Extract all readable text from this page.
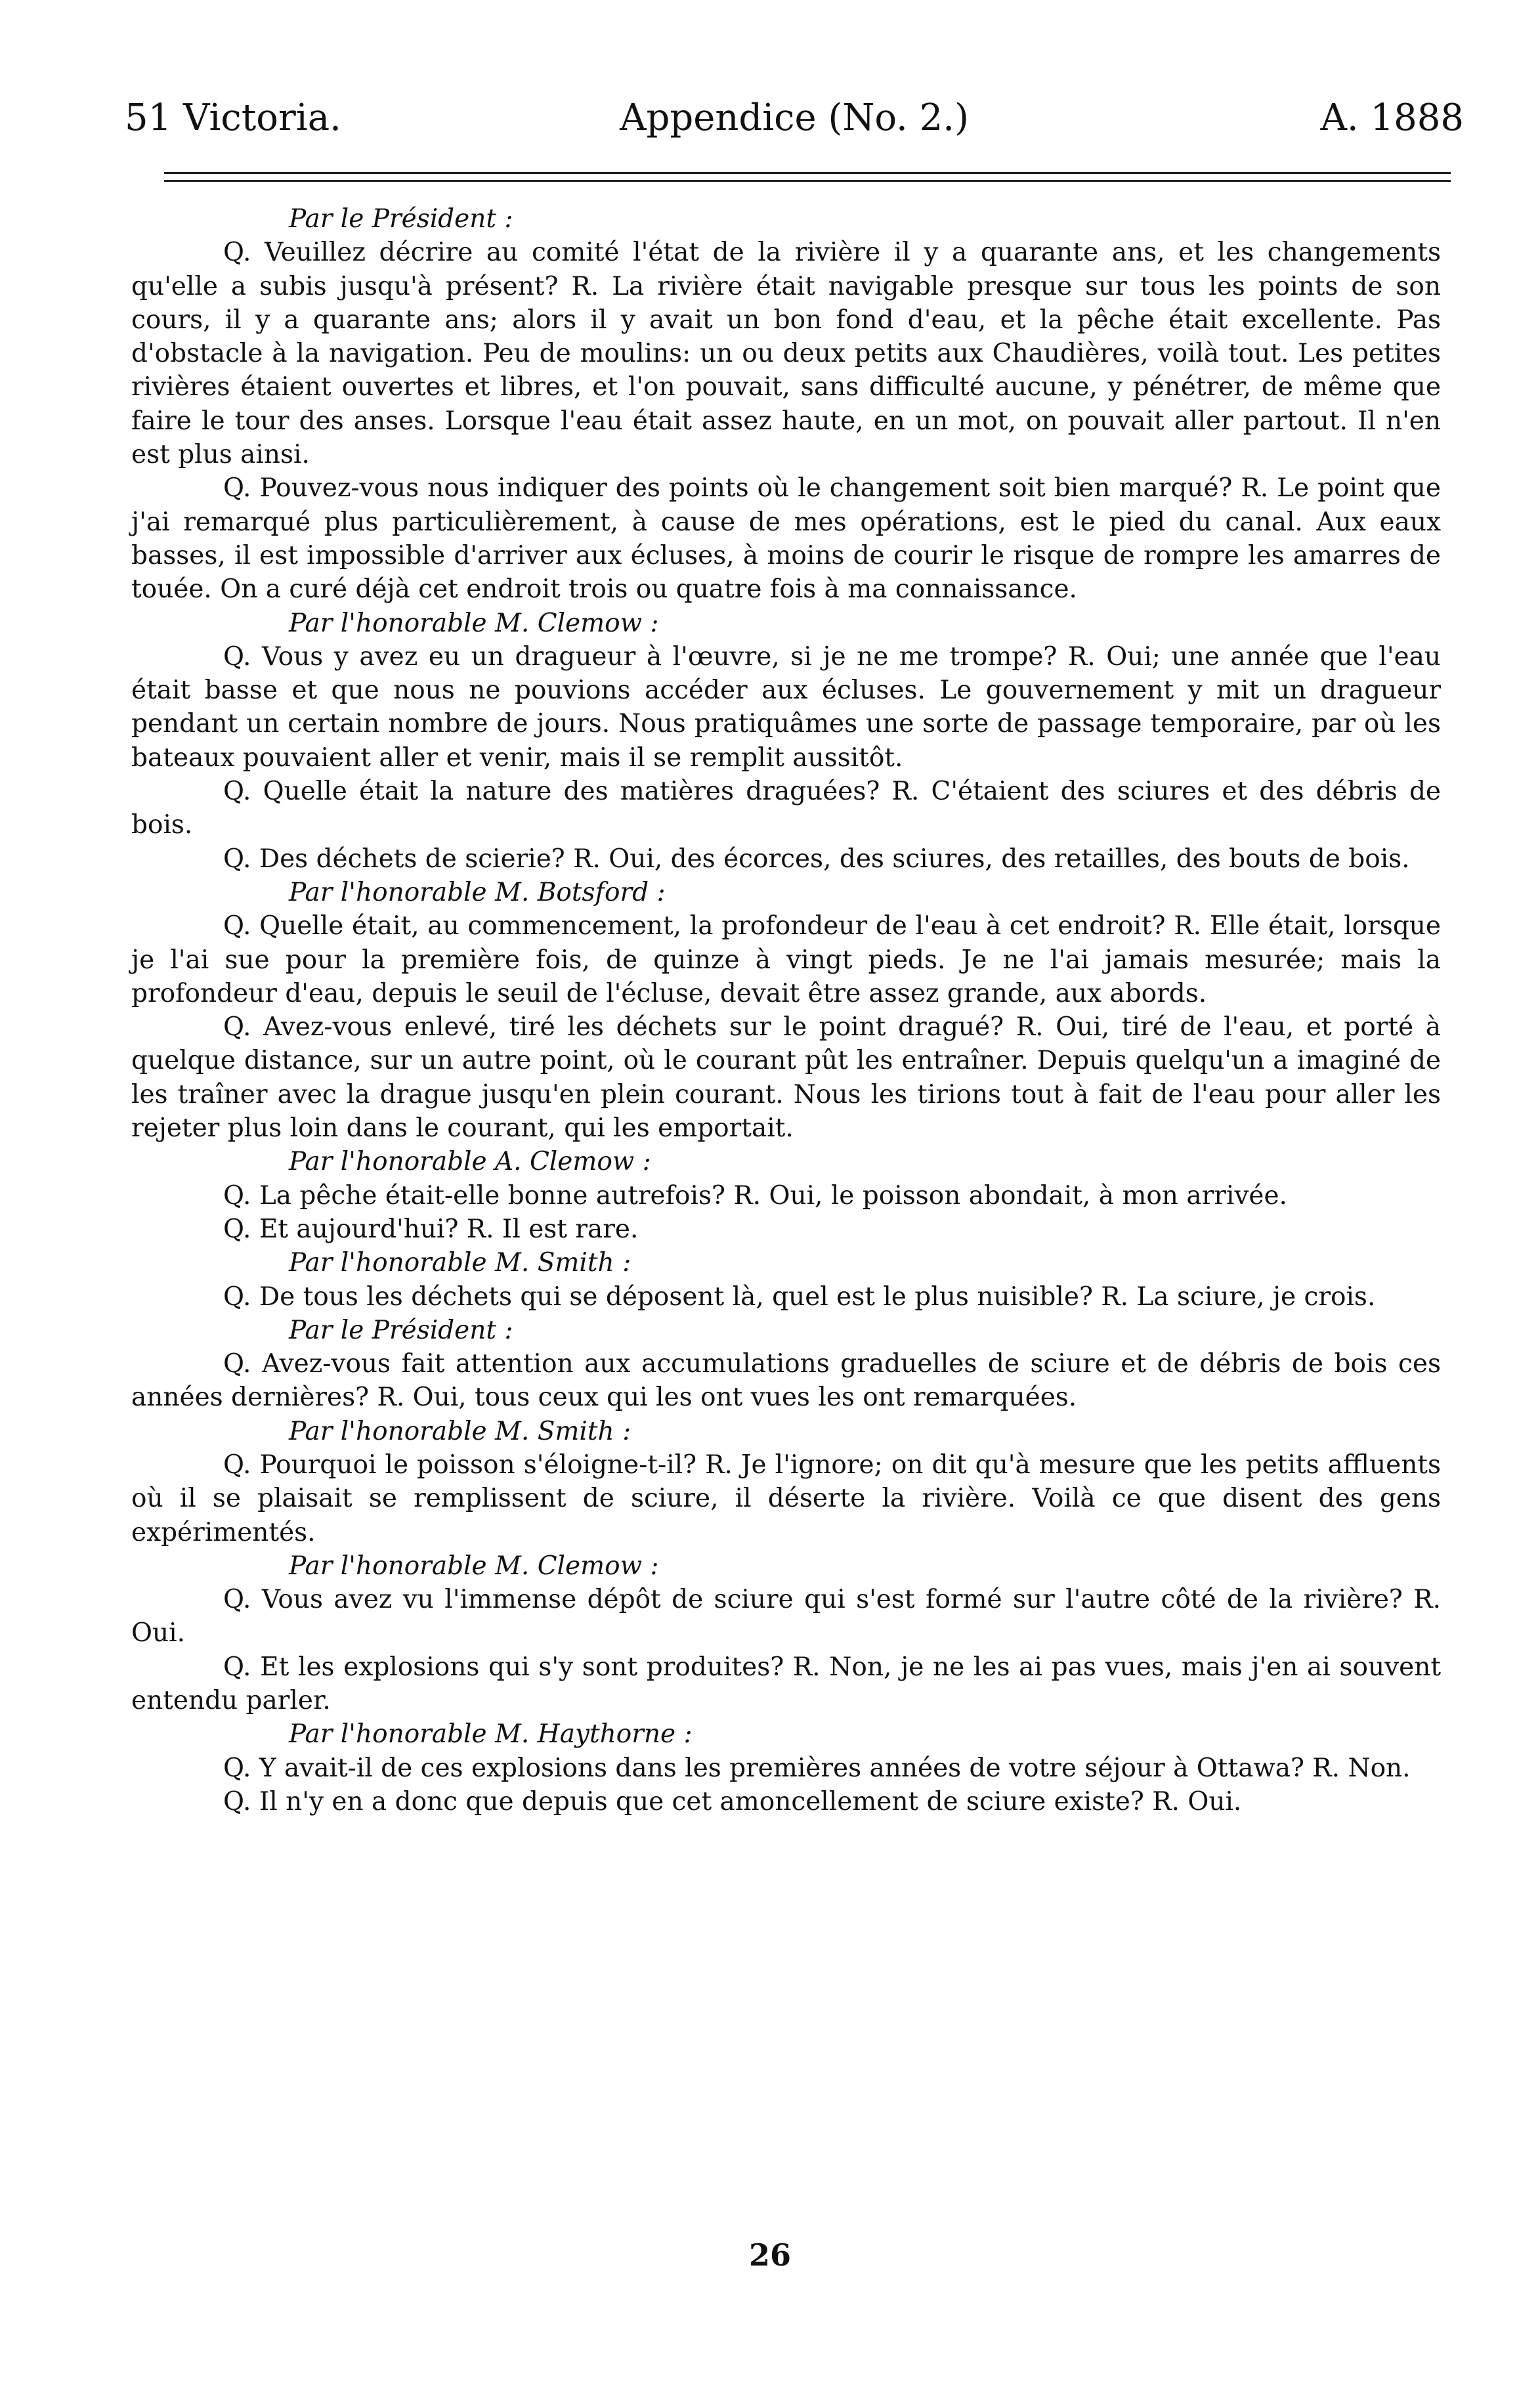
51 Victoria.	Appendice (No. 2.)	A. 1888

Par le Président :

Q. Veuillez décrire au comité l'état de la rivière il y a quarante ans, et les changements qu'elle a subis jusqu'à présent? R. La rivière était navigable presque sur tous les points de son cours, il y a quarante ans; alors il y avait un bon fond d'eau, et la pêche était excellente. Pas d'obstacle à la navigation. Peu de moulins: un ou deux petits aux Chaudières, voilà tout. Les petites rivières étaient ouvertes et libres, et l'on pouvait, sans difficulté aucune, y pénétrer, de même que faire le tour des anses. Lorsque l'eau était assez haute, en un mot, on pouvait aller partout. Il n'en est plus ainsi.

Q. Pouvez-vous nous indiquer des points où le changement soit bien marqué? R. Le point que j'ai remarqué plus particulièrement, à cause de mes opérations, est le pied du canal. Aux eaux basses, il est impossible d'arriver aux écluses, à moins de courir le risque de rompre les amarres de touée. On a curé déjà cet endroit trois ou quatre fois à ma connaissance.

Par l'honorable M. Clemow :

Q. Vous y avez eu un dragueur à l'œuvre, si je ne me trompe? R. Oui; une année que l'eau était basse et que nous ne pouvions accéder aux écluses. Le gouvernement y mit un dragueur pendant un certain nombre de jours. Nous pratiquâmes une sorte de passage temporaire, par où les bateaux pouvaient aller et venir, mais il se remplit aussitôt.

Q. Quelle était la nature des matières draguées? R. C'étaient des sciures et des débris de bois.

Q. Des déchets de scierie? R. Oui, des écorces, des sciures, des retailles, des bouts de bois.

Par l'honorable M. Botsford :

Q. Quelle était, au commencement, la profondeur de l'eau à cet endroit? R. Elle était, lorsque je l'ai sue pour la première fois, de quinze à vingt pieds. Je ne l'ai jamais mesurée; mais la profondeur d'eau, depuis le seuil de l'écluse, devait être assez grande, aux abords.

Q. Avez-vous enlevé, tiré les déchets sur le point dragué? R. Oui, tiré de l'eau, et porté à quelque distance, sur un autre point, où le courant pût les entraîner. Depuis quelqu'un a imaginé de les traîner avec la drague jusqu'en plein courant. Nous les tirions tout à fait de l'eau pour aller les rejeter plus loin dans le courant, qui les emportait.

Par l'honorable A. Clemow :

Q. La pêche était-elle bonne autrefois? R. Oui, le poisson abondait, à mon arrivée.

Q. Et aujourd'hui? R. Il est rare.

Par l'honorable M. Smith :

Q. De tous les déchets qui se déposent là, quel est le plus nuisible? R. La sciure, je crois.

Par le Président :

Q. Avez-vous fait attention aux accumulations graduelles de sciure et de débris de bois ces années dernières? R. Oui, tous ceux qui les ont vues les ont remarquées.

Par l'honorable M. Smith :

Q. Pourquoi le poisson s'éloigne-t-il? R. Je l'ignore; on dit qu'à mesure que les petits affluents où il se plaisait se remplissent de sciure, il déserte la rivière. Voilà ce que disent des gens expérimentés.

Par l'honorable M. Clemow :

Q. Vous avez vu l'immense dépôt de sciure qui s'est formé sur l'autre côté de la rivière? R. Oui.

Q. Et les explosions qui s'y sont produites? R. Non, je ne les ai pas vues, mais j'en ai souvent entendu parler.

Par l'honorable M. Haythorne :

Q. Y avait-il de ces explosions dans les premières années de votre séjour à Ottawa? R. Non.

Q. Il n'y en a donc que depuis que cet amoncellement de sciure existe? R. Oui.

26
